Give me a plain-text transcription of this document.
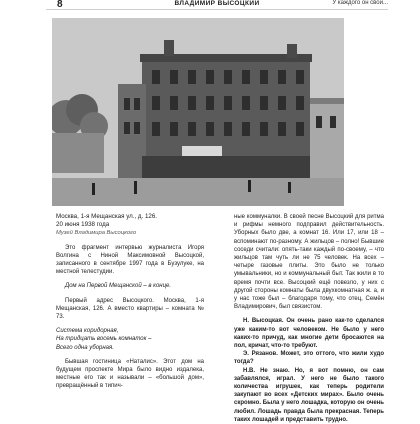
8	ВЛАДИМИР ВЫСОЦКИЙ	У каждого он свой...

Москва, 1-я Мещанская ул., д. 126.

20 июня 1938 года

Музей Владимира Высоцкого

Это фрагмент интервью журналиста Игоря Волгина с Ниной Максимовной Высоцкой, записанного в сентябре 1997 года в Бузулуке, на местной телестудии.

Дом на Первой Мещанской – в конце.

Первый адрес Высоцкого. Москва, 1-я Мещанская, 126. А вместо квартиры – комната № 73.

Система коридорная,

На тридцать восемь комнаток –

Всего одна уборная.

Бывшая гостиница «Наталис». Этот дом на будущем проспекте Мира было видно издалека, местные его так и называли – «большой дом», превращённый в типич-

ные коммуналки. В своей песне Высоцкий для ритма и рифмы немного подправил действительность. Уборных было две, а комнат 16. Или 17, или 18 – вспоминают по-разному. А жильцов – полно! Бывшие соседи считали: опять-таки каждый по-своему, – что жильцов там чуть ли не 75 человек. На всех – четыре газовые плиты. Это было не только умывальники, но и коммунальный быт. Так жили в то время почти все. Высоцкий ещё повезло, у них с другой стороны комнаты была двухкомнатная ж. а, и у нас тоже был – благодаря тому, что отец, Семён Владимирович, был связистом.

Н. Высоцкая. Он очень рано как-то сделался уже каким-то вот человеком. Не было у него каких-то причуд, как многие дети бросаются на пол, кричат, что-то требуют.

Э. Рязанов. Может, это оттого, что жили худо тогда?

Н.В. Не знаю. Но, я вот помню, он сам забавлялся, играл. У него не было такого количества игрушек, как теперь родители закупают во всех «Детских мирах». Было очень скромно. Была у него лошадка, которую он очень любил. Лошадь правда была прекрасная. Теперь таких лошадей и представить трудно.
